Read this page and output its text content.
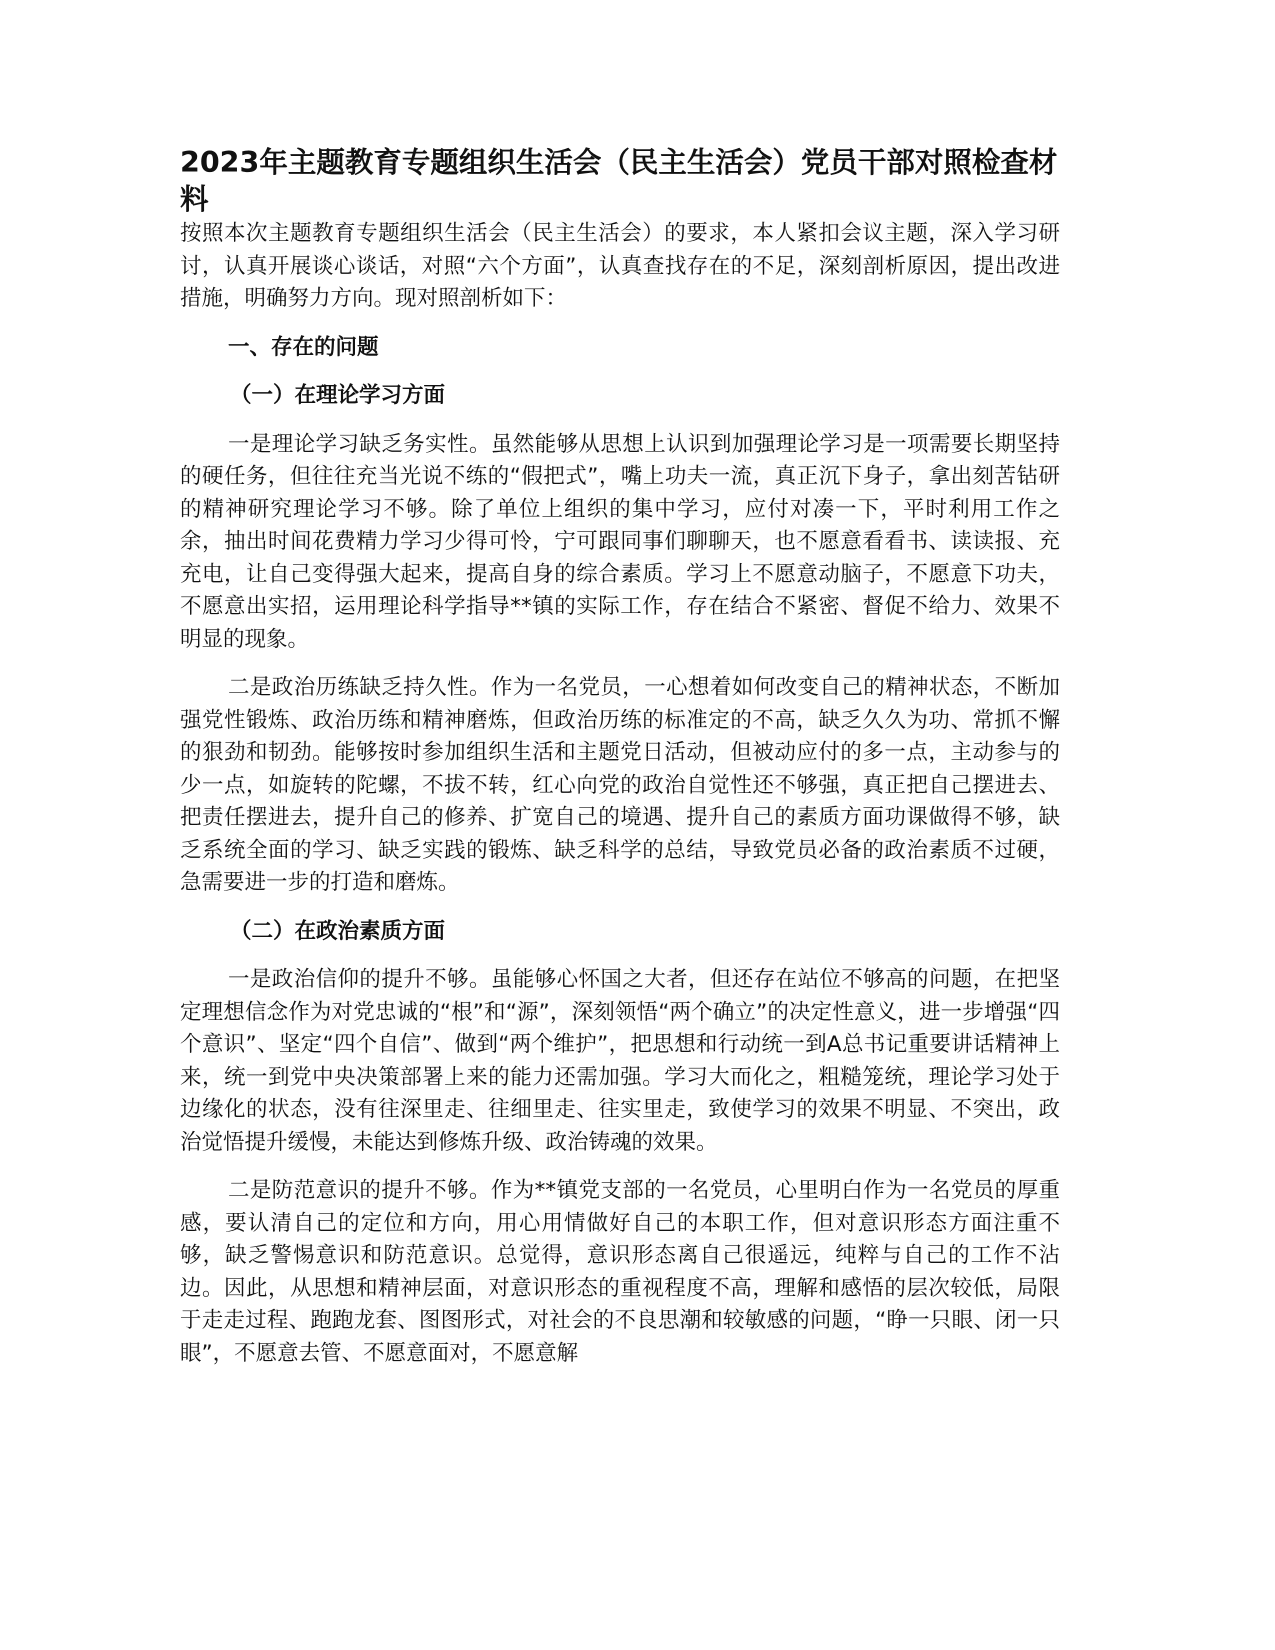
2023年主题教育专题组织生活会（民主生活会）党员干部对照检查材料

按照本次主题教育专题组织生活会（民主生活会）的要求，本人紧扣会议主题，深入学习研讨，认真开展谈心谈话，对照“六个方面”，认真查找存在的不足，深刻剖析原因，提出改进措施，明确努力方向。现对照剖析如下：

一、存在的问题
（一）在理论学习方面

一是理论学习缺乏务实性。虽然能够从思想上认识到加强理论学习是一项需要长期坚持的硬任务，但往往充当光说不练的“假把式”，嘴上功夫一流，真正沉下身子，拿出刻苦钻研的精神研究理论学习不够。除了单位上组织的集中学习，应付对凑一下，平时利用工作之余，抽出时间花费精力学习少得可怜，宁可跟同事们聊聊天，也不愿意看看书、读读报、充充电，让自己变得强大起来，提高自身的综合素质。学习上不愿意动脑子，不愿意下功夫，不愿意出实招，运用理论科学指导**镇的实际工作，存在结合不紧密、督促不给力、效果不明显的现象。

二是政治历练缺乏持久性。作为一名党员，一心想着如何改变自己的精神状态，不断加强党性锻炼、政治历练和精神磨炼，但政治历练的标准定的不高，缺乏久久为功、常抓不懈的狠劲和韧劲。能够按时参加组织生活和主题党日活动，但被动应付的多一点，主动参与的少一点，如旋转的陀螺，不拔不转，红心向党的政治自觉性还不够强，真正把自己摆进去、把责任摆进去，提升自己的修养、扩宽自己的境遇、提升自己的素质方面功课做得不够，缺乏系统全面的学习、缺乏实践的锻炼、缺乏科学的总结，导致党员必备的政治素质不过硬，急需要进一步的打造和磨炼。

（二）在政治素质方面

一是政治信仰的提升不够。虽能够心怀国之大者，但还存在站位不够高的问题，在把坚定理想信念作为对党忠诚的“根”和“源”，深刻领悟“两个确立”的决定性意义，进一步增强“四个意识”、坚定“四个自信”、做到“两个维护”，把思想和行动统一到A总书记重要讲话精神上来，统一到党中央决策部署上来的能力还需加强。学习大而化之，粗糙笼统，理论学习处于边缘化的状态，没有往深里走、往细里走、往实里走，致使学习的效果不明显、不突出，政治觉悟提升缓慢，未能达到修炼升级、政治铸魂的效果。

二是防范意识的提升不够。作为**镇党支部的一名党员，心里明白作为一名党员的厚重感，要认清自己的定位和方向，用心用情做好自己的本职工作，但对意识形态方面注重不够，缺乏警惕意识和防范意识。总觉得，意识形态离自己很遥远，纯粹与自己的工作不沾边。因此，从思想和精神层面，对意识形态的重视程度不高，理解和感悟的层次较低，局限于走走过程、跑跑龙套、图图形式，对社会的不良思潮和较敏感的问题，“睁一只眼、闭一只眼”，不愿意去管、不愿意面对，不愿意解
